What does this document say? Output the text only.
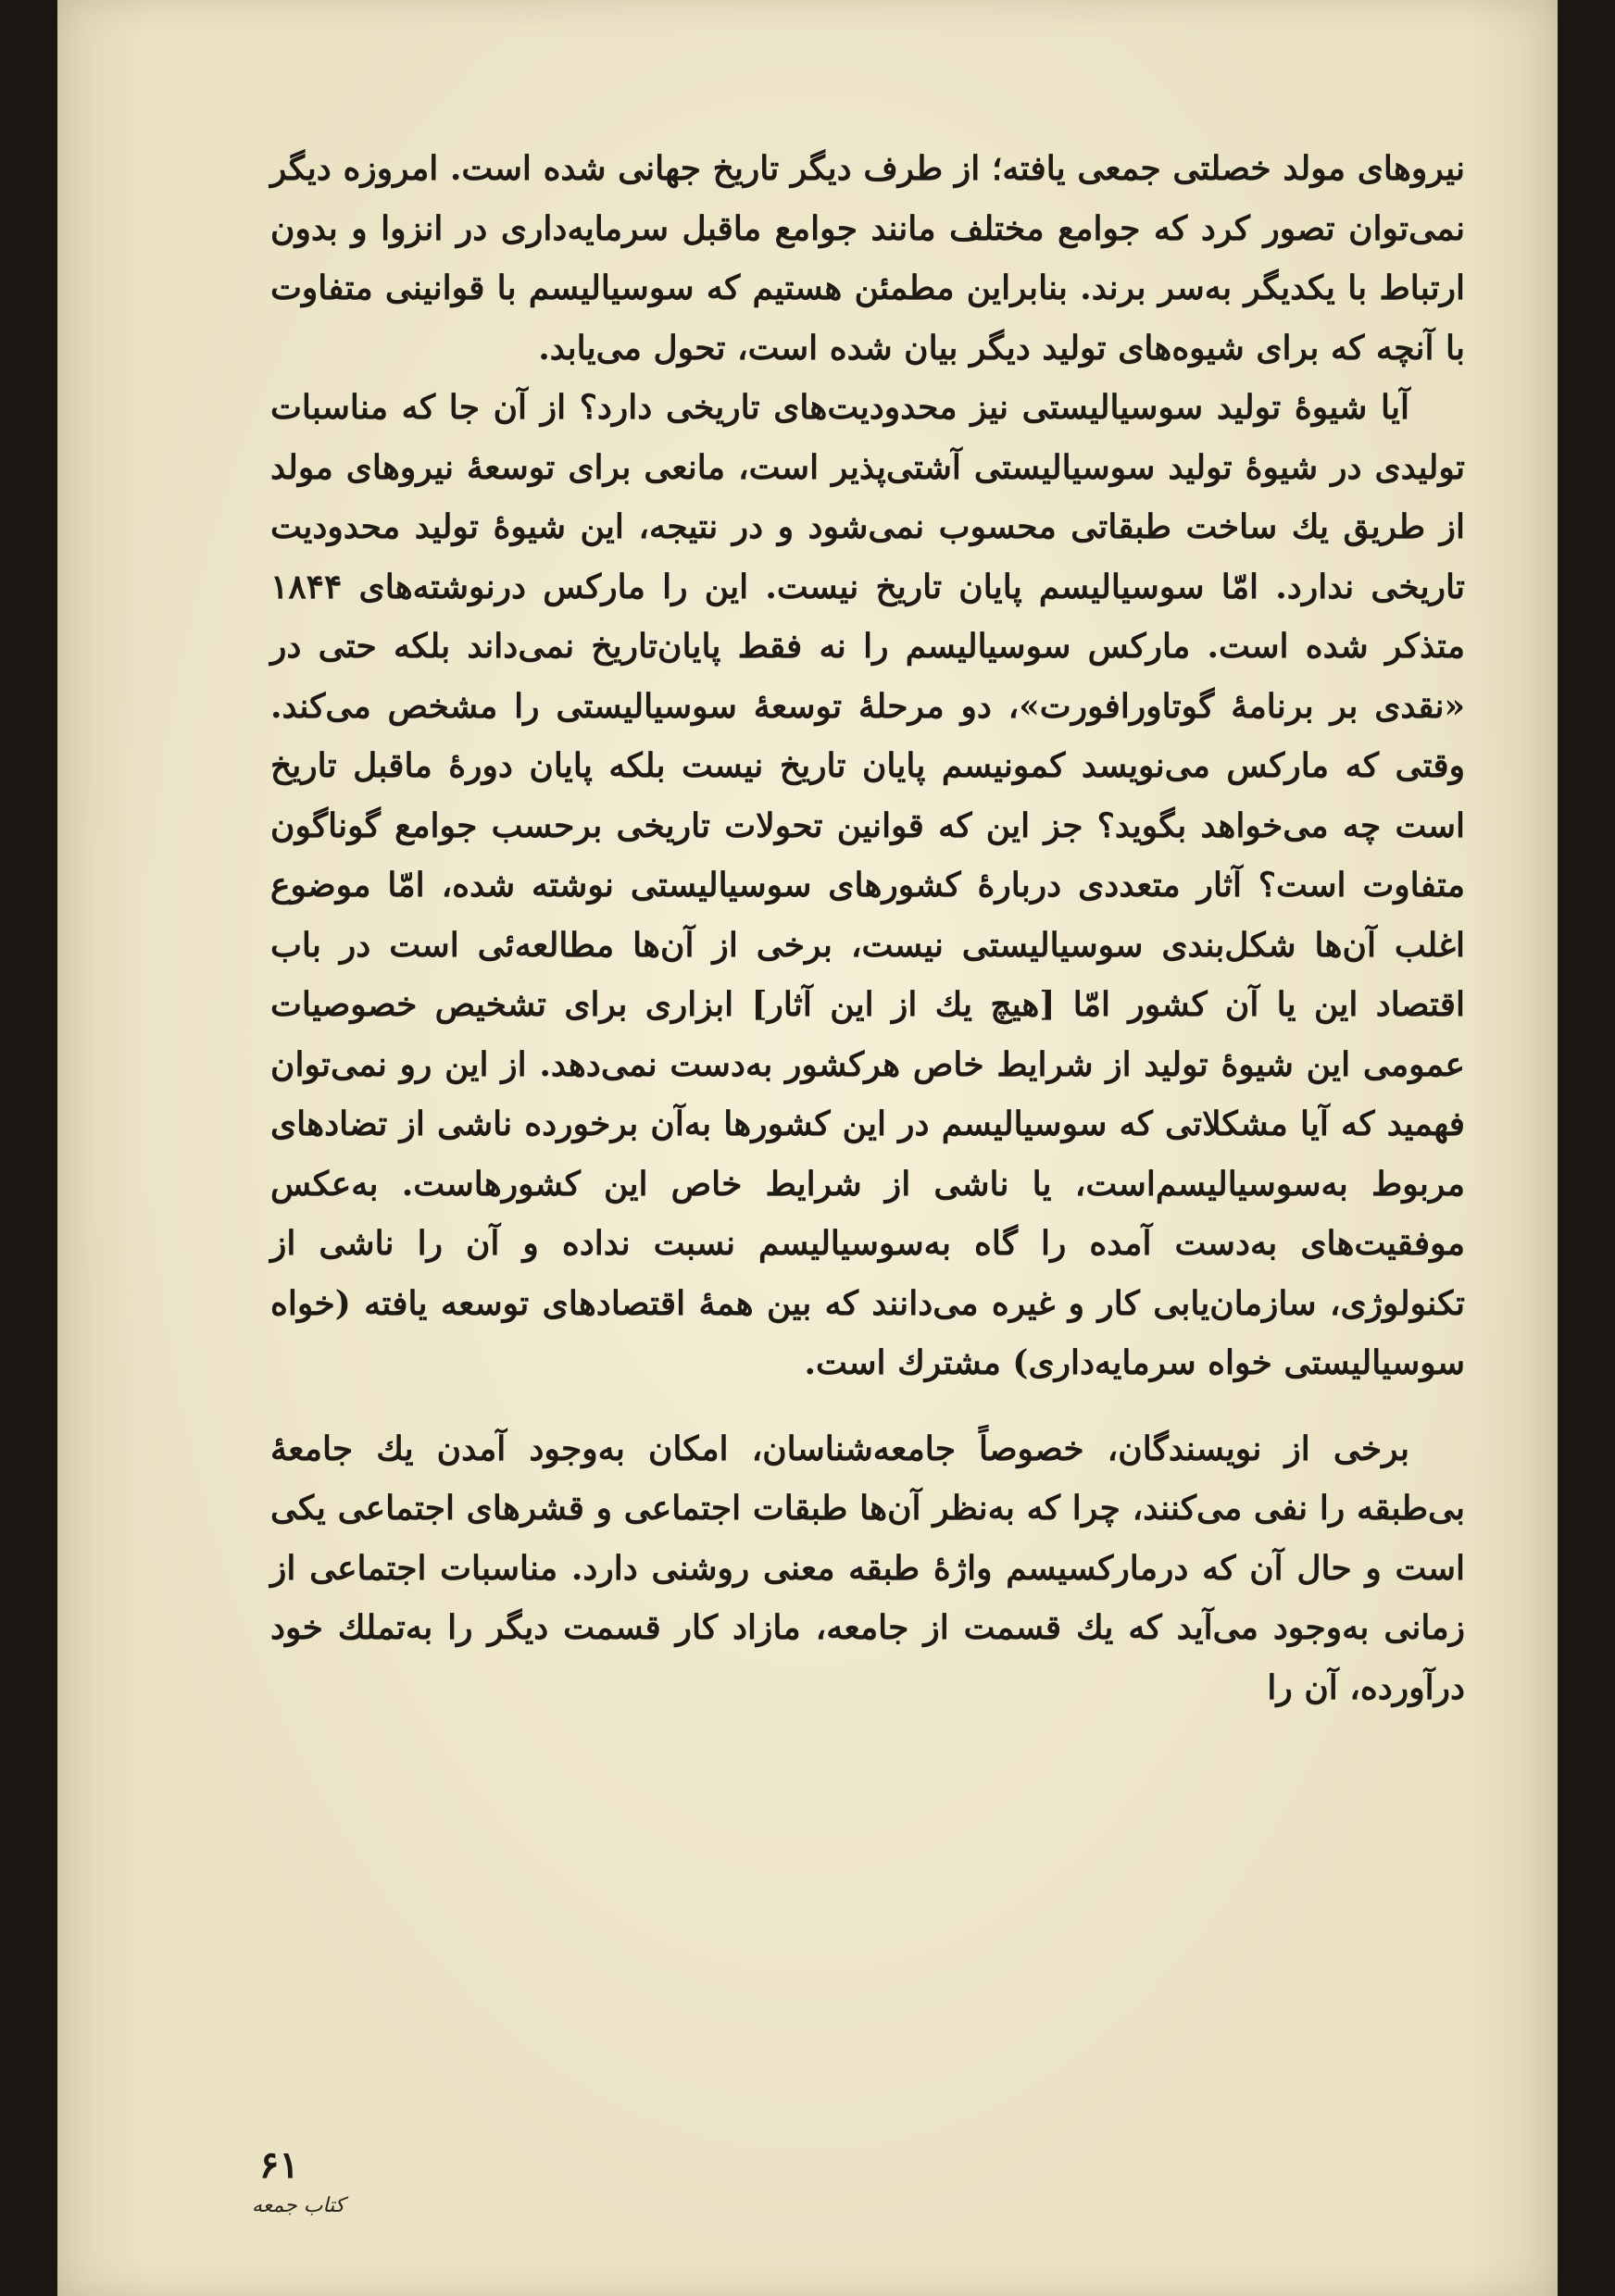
نیروهای مولد خصلتی جمعی یافته؛ از طرف دیگر تاریخ جهانی شده است. امروزه دیگر نمی‌توان تصور کرد که جوامع مختلف مانند جوامع ماقبل سرمایه‌داری در انزوا و بدون ارتباط با یکدیگر به‌سر برند. بنابراین مطمئن هستیم که سوسیالیسم با قوانینی متفاوت با آنچه که برای شیوه‌های تولید دیگر بیان شده است، تحول می‌یابد.

آیا شیوهٔ تولید سوسیالیستی نیز محدودیت‌های تاریخی دارد؟ از آن جا که مناسبات تولیدی در شیوهٔ تولید سوسیالیستی آشتی‌پذیر است، مانعی برای توسعهٔ نیروهای مولد از طریق یك ساخت طبقاتی محسوب نمی‌شود و در نتیجه، این شیوهٔ تولید محدودیت تاریخی ندارد. امّا سوسیالیسم پایان تاریخ نیست. این را مارکس درنوشته‌های ۱۸۴۴ متذکر شده است. مارکس سوسیالیسم را نه فقط پایان‌تاریخ نمی‌داند بلکه حتی در «نقدی بر برنامهٔ گوتاورافورت»، دو مرحلهٔ توسعهٔ سوسیالیستی را مشخص می‌کند. وقتی که مارکس می‌نویسد کمونیسم پایان تاریخ نیست بلکه پایان دورهٔ ماقبل تاریخ است چه می‌خواهد بگوید؟ جز این که قوانین تحولات تاریخی برحسب جوامع گوناگون متفاوت است؟ آثار متعددی دربارهٔ کشورهای سوسیالیستی نوشته شده، امّا موضوع اغلب آن‌ها شکل‌بندی سوسیالیستی نیست، برخی از آن‌ها مطالعه‌ئی است در باب اقتصاد این یا آن کشور امّا [هیچ یك از این آثار] ابزاری برای تشخیص خصوصیات عمومی این شیوهٔ تولید از شرایط خاص هرکشور به‌دست نمی‌دهد. از این رو نمی‌توان فهمید که آیا مشکلاتی که سوسیالیسم در این کشورها به‌آن برخورده ناشی از تضادهای مربوط به‌سوسیالیسم‌است، یا ناشی از شرایط خاص این کشورهاست. به‌عکس موفقیت‌های به‌دست آمده را گاه به‌سوسیالیسم نسبت نداده و آن را ناشی از تکنولوژی، سازمان‌یابی کار و غیره می‌دانند که بین همهٔ اقتصادهای توسعه یافته (خواه سوسیالیستی خواه سرمایه‌داری) مشترك است.

برخی از نویسندگان، خصوصاً جامعه‌شناسان، امکان به‌وجود آمدن یك جامعهٔ بی‌طبقه را نفی می‌کنند، چرا که به‌نظر آن‌ها طبقات اجتماعی و قشرهای اجتماعی یکی است و حال آن که درمارکسیسم واژهٔ طبقه معنی روشنی دارد. مناسبات اجتماعی از زمانی به‌وجود می‌آید که یك قسمت از جامعه، مازاد کار قسمت دیگر را به‌تملك خود درآورده، آن را

۶۱
کتاب جمعه
